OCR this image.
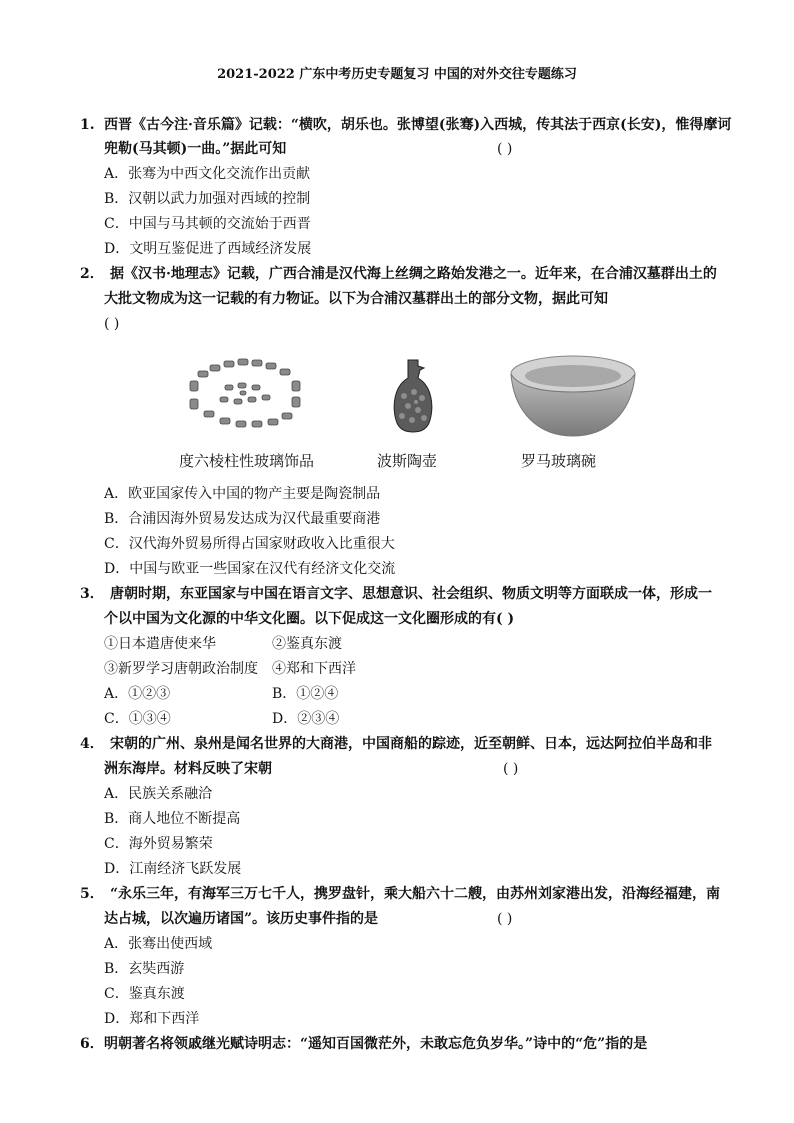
2021-2022 广东中考历史专题复习 中国的对外交往专题练习
1. 西晋《古今注·音乐篇》记载：“横吹，胡乐也。张博望(张骞)入西城，传其法于西京(长安)，惟得摩诃
兜勒(马其顿)一曲。”据此可知	( )
A．张骞为中西文化交流作出贡献
B．汉朝以武力加强对西域的控制
C．中国与马其顿的交流始于西晋
D．文明互鉴促进了西域经济发展
2． 据《汉书·地理志》记载，广西合浦是汉代海上丝绸之路始发港之一。近年来，在合浦汉墓群出土的
大批文物成为这一记载的有力物证。以下为合浦汉墓群出土的部分文物，据此可知
( )
度六棱柱性玻璃饰品	波斯陶壶	罗马玻璃碗
A．欧亚国家传入中国的物产主要是陶瓷制品
B．合浦因海外贸易发达成为汉代最重要商港
C．汉代海外贸易所得占国家财政收入比重很大
D．中国与欧亚一些国家在汉代有经济文化交流
3． 唐朝时期，东亚国家与中国在语言文字、思想意识、社会组织、物质文明等方面联成一体，形成一
个以中国为文化源的中华文化圈。以下促成这一文化圈形成的有( )
①日本遣唐使来华	②鉴真东渡
③新罗学习唐朝政治制度 ④郑和下西洋
A．①②③	B．①②④
C．①③④	D．②③④
4． 宋朝的广州、泉州是闻名世界的大商港，中国商船的踪迹，近至朝鲜、日本，远达阿拉伯半岛和非
洲东海岸。材料反映了宋朝	( )
A．民族关系融洽
B．商人地位不断提高
C．海外贸易繁荣
D．江南经济飞跃发展
5． “永乐三年，有海军三万七千人，携罗盘针，乘大船六十二艘，由苏州刘家港出发，沿海经福建，南
达占城，以次遍历诸国”。该历史事件指的是	( )
A．张骞出使西域
B．玄奘西游
C．鉴真东渡
D．郑和下西洋
6． 明朝著名将领戚继光赋诗明志：“遥知百国微茫外，未敢忘危负岁华。”诗中的“危”指的是
